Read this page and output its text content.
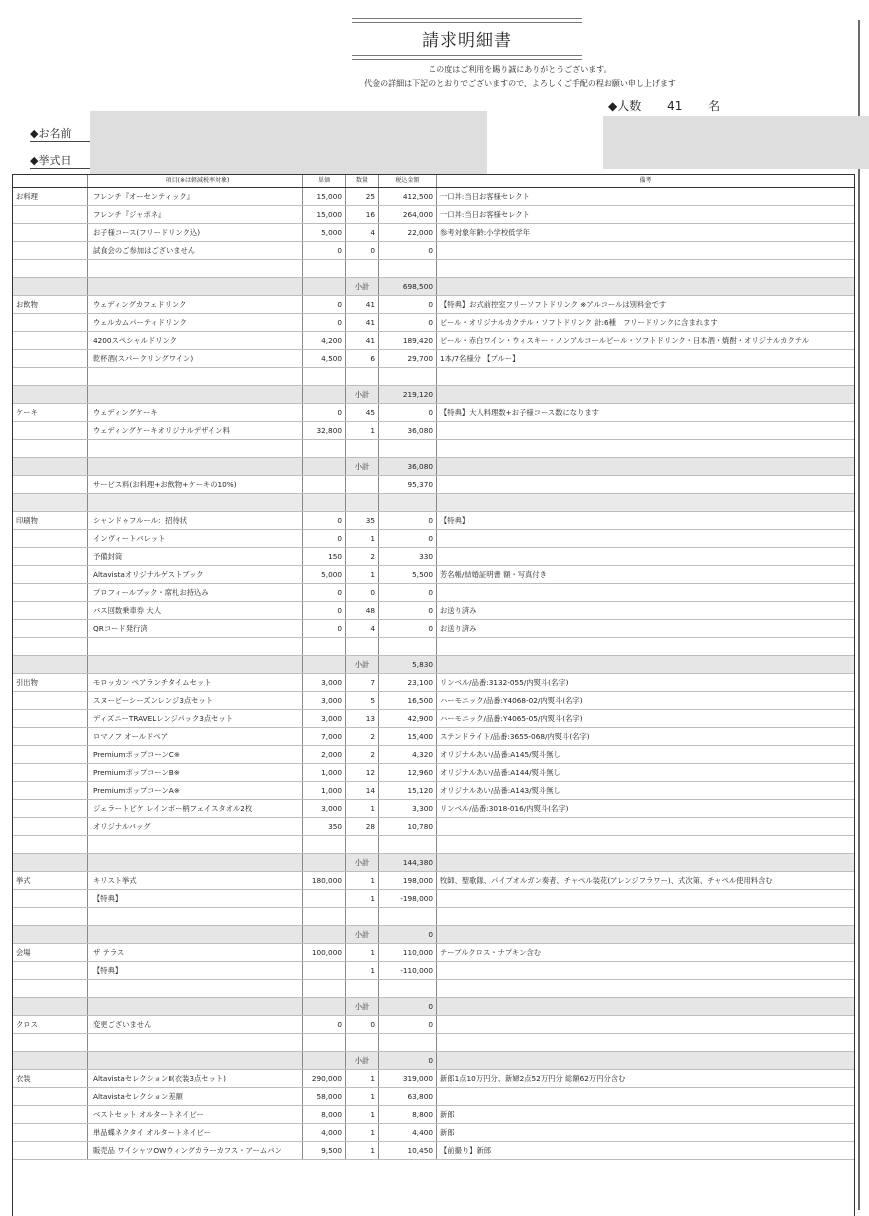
請求明細書
この度はご利用を賜り誠にありがとうございます。
代金の詳細は下記のとおりでございますので、よろしくご手配の程お願い申し上げます
◆人数 41 名
◆お名前
◆挙式日
項目(※は軽減税率対象)	単価	数量	税込金額	備考
お料理	フレンチ『オーセンティック』	15,000	25	412,500 一口丼:当日お客様セレクト
フレンチ『ジャポネ』	15,000	16	264,000 一口丼:当日お客様セレクト
お子様コース(フリードリンク込)	5,000	4	22,000 参考対象年齢:小学校低学年
試食会のご参加はございません	0	0	0
小計	698,500
お飲物	ウェディングカフェドリンク	0	41	0 【特典】お式前控室フリーソフトドリンク ※アルコールは別料金です
ウェルカムパーティドリンク	0	41	0 ビール・オリジナルカクテル・ソフトドリンク 計:6種　フリードリンクに含まれます
4200スペシャルドリンク	4,200	41	189,420 ビール・赤白ワイン・ウィスキー・ノンアルコールビール・ソフトドリンク・日本酒・焼酎・オリジナルカクテル
乾杯酒(スパークリングワイン)	4,500	6	29,700 1本/7名様分 【ブルー】
小計	219,120
ケーキ	ウェディングケーキ	0	45	0 【特典】大人料理数+お子様コース数になります
ウェディングケーキオリジナルデザイン料	32,800	1	36,080
小計	36,080
サービス料(お料理+お飲物+ケーキの10%)	95,370
印刷物	シャンドゥフルール：招待状	0	35	0 【特典】
インヴィートバレット	0	1	0
予備封筒	150	2	330
Altavistaオリジナルゲストブック	5,000	1	5,500 芳名帳/結婚証明書 額・写真付き
プロフィールブック・席札お持込み	0	0	0
バス回数乗車券 大人	0	48	0 お送り済み
QRコード発行済	0	4	0 お送り済み
小計	5,830
引出物	モロッカン ペアランチタイムセット	3,000	7	23,100 リンベル/品番:3132-055/内熨斗(名字)
スヌーピーシーズンレンジ3点セット	3,000	5	16,500 ハーモニック/品番:Y4068-02/内熨斗(名字)
ディズニーTRAVELレンジパック3点セット	3,000	13	42,900 ハーモニック/品番:Y4065-05/内熨斗(名字)
ロマノフ オールドペア	7,000	2	15,400 ステンドライト/品番:3655-068/内熨斗(名字)
PremiumポップコーンC※	2,000	2	4,320 オリジナルあい/品番:A145/熨斗無し
PremiumポップコーンB※	1,000	12	12,960 オリジナルあい/品番:A144/熨斗無し
PremiumポップコーンA※	1,000	14	15,120 オリジナルあい/品番:A143/熨斗無し
ジェラートピケ レインボー柄フェイスタオル2枚	3,000	1	3,300 リンベル/品番:3018-016/内熨斗(名字)
オリジナルバッグ	350	28	10,780
小計	144,380
挙式	キリスト挙式	180,000	1	198,000 牧師、聖歌隊、パイプオルガン奏者、チャペル装花(アレンジフラワー)、式次第、チャペル使用料含む
【特典】	1	-198,000
小計	0
会場	ザ テラス	100,000	1	110,000 テーブルクロス・ナプキン含む
【特典】	1	-110,000
小計	0
クロス	変更ございません	0	0	0
小計	0
衣装	AltavistaセレクションⅡ(衣装3点セット)	290,000	1	319,000 新郎1点10万円分、新婦2点52万円分 総額62万円分含む
Altavistaセレクション差額	58,000	1	63,800
ベストセット オルタートネイビー	8,000	1	8,800 新郎
単品蝶ネクタイ オルタートネイビー	4,000	1	4,400 新郎
販売品 ワイシャツOWウィングカラーカフス・アームバン	9,500	1	10,450 【前撮り】新郎
